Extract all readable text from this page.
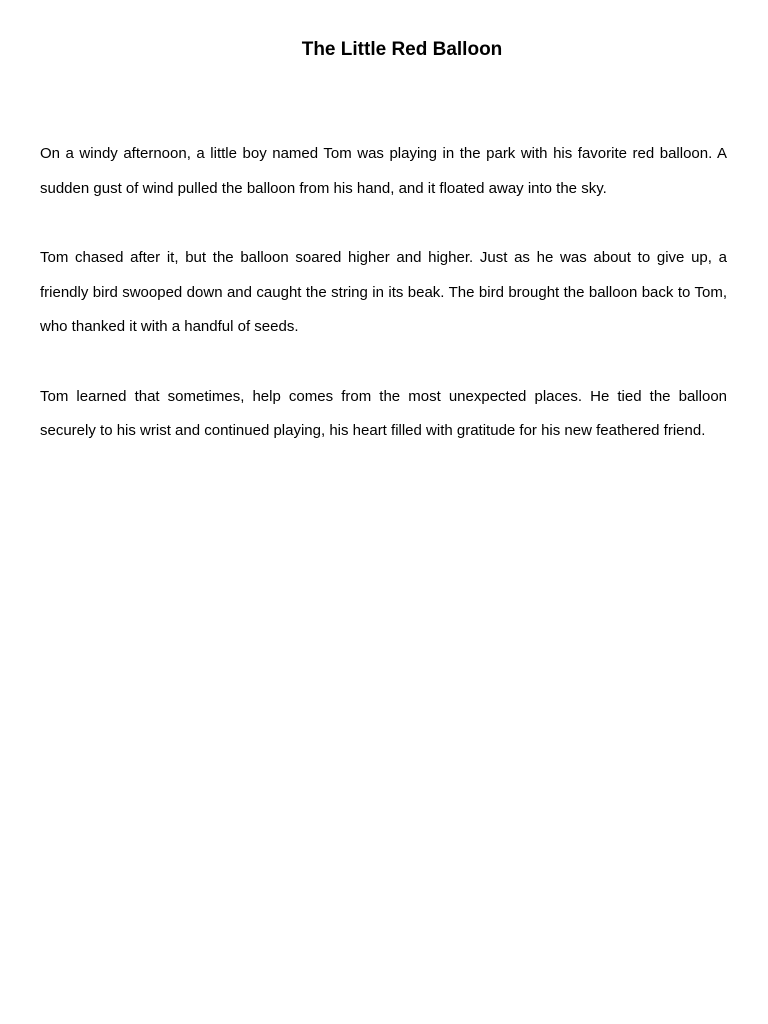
The Little Red Balloon

On a windy afternoon, a little boy named Tom was playing in the park with his favorite red balloon. A sudden gust of wind pulled the balloon from his hand, and it floated away into the sky.

Tom chased after it, but the balloon soared higher and higher. Just as he was about to give up, a friendly bird swooped down and caught the string in its beak. The bird brought the balloon back to Tom, who thanked it with a handful of seeds.

Tom learned that sometimes, help comes from the most unexpected places. He tied the balloon securely to his wrist and continued playing, his heart filled with gratitude for his new feathered friend.
